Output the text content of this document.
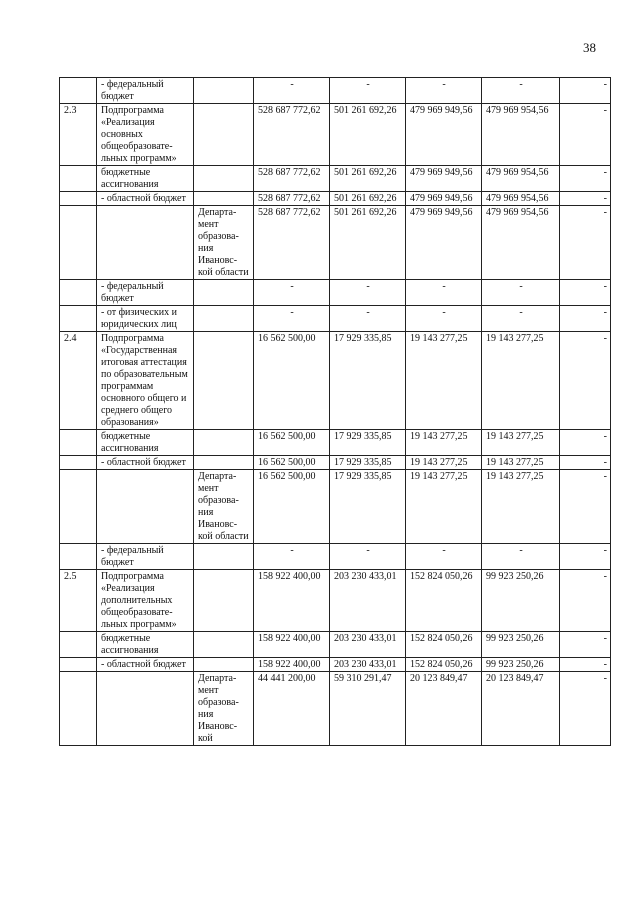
38
	- федеральный бюджет		-	-	-	-	-
2.3	Подпрограмма «Реализация основных общеобразовате-льных программ»		528 687 772,62	501 261 692,26	479 969 949,56	479 969 954,56	-
	бюджетные ассигнования		528 687 772,62	501 261 692,26	479 969 949,56	479 969 954,56	-
	- областной бюджет		528 687 772,62	501 261 692,26	479 969 949,56	479 969 954,56	-
		Департа-мент образова-ния Ивановс-кой области	528 687 772,62	501 261 692,26	479 969 949,56	479 969 954,56	-
	- федеральный бюджет		-	-	-	-	-
	- от физических и юридических лиц		-	-	-	-	-
2.4	Подпрограмма «Государственная итоговая аттестация по образовательным программам основного общего и среднего общего образования»		16 562 500,00	17 929 335,85	19 143 277,25	19 143 277,25	-
	бюджетные ассигнования		16 562 500,00	17 929 335,85	19 143 277,25	19 143 277,25	-
	- областной бюджет		16 562 500,00	17 929 335,85	19 143 277,25	19 143 277,25	-
		Департа-мент образова-ния Ивановс-кой области	16 562 500,00	17 929 335,85	19 143 277,25	19 143 277,25	-
	- федеральный бюджет		-	-	-	-	-
2.5	Подпрограмма «Реализация дополнительных общеобразовате-льных программ»		158 922 400,00	203 230 433,01	152 824 050,26	99 923 250,26	-
	бюджетные ассигнования		158 922 400,00	203 230 433,01	152 824 050,26	99 923 250,26	-
	- областной бюджет		158 922 400,00	203 230 433,01	152 824 050,26	99 923 250,26	-
		Департа-мент образова-ния Ивановс-кой	44 441 200,00	59 310 291,47	20 123 849,47	20 123 849,47	-
